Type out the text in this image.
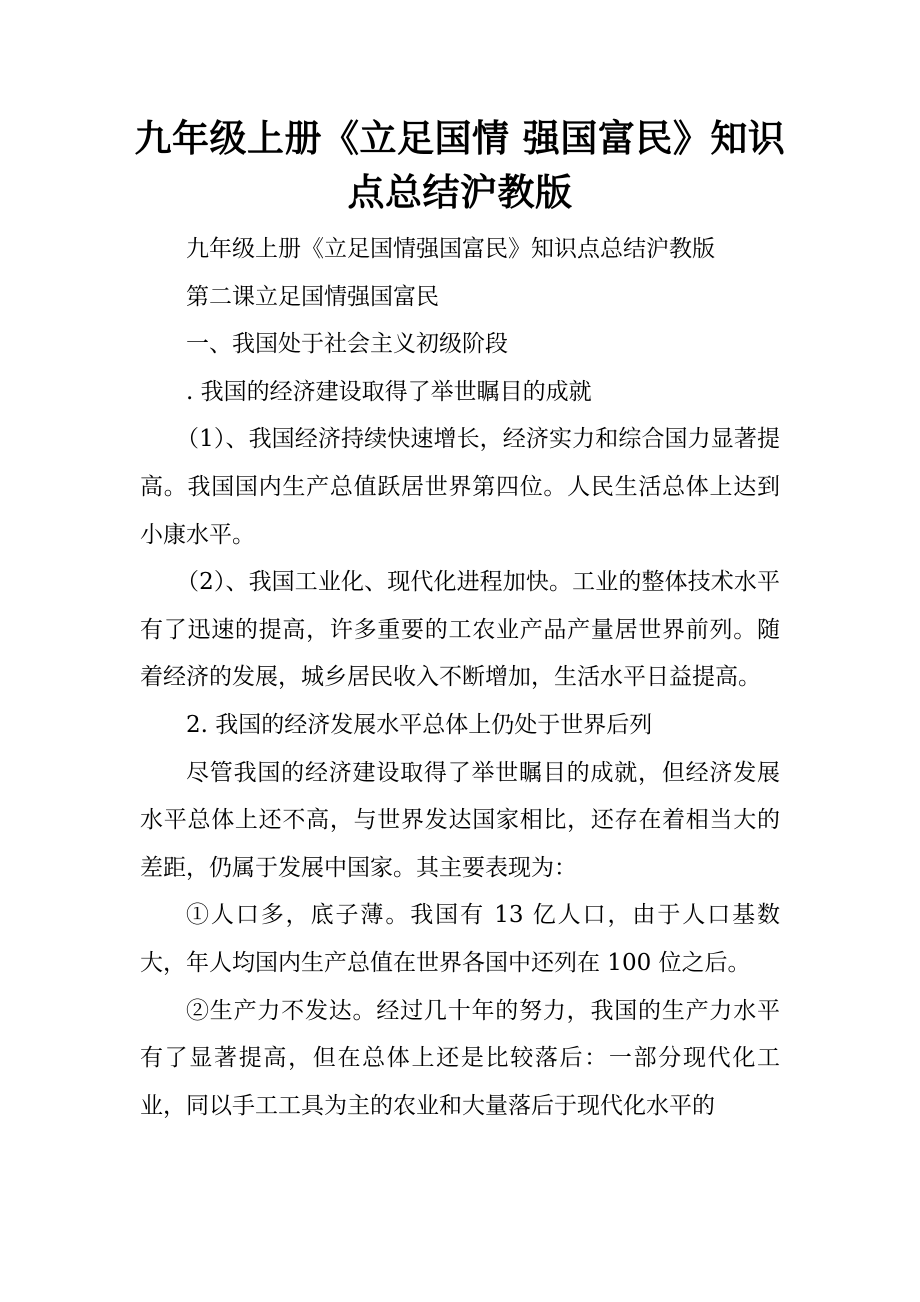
九年级上册《立足国情 强国富民》知识
点总结沪教版

九年级上册《立足国情强国富民》知识点总结沪教版

第二课立足国情强国富民

一、我国处于社会主义初级阶段

. 我国的经济建设取得了举世瞩目的成就

（1）、我国经济持续快速增长，经济实力和综合国力显著提高。我国国内生产总值跃居世界第四位。人民生活总体上达到小康水平。

（2）、我国工业化、现代化进程加快。工业的整体技术水平有了迅速的提高，许多重要的工农业产品产量居世界前列。随着经济的发展，城乡居民收入不断增加，生活水平日益提高。

2. 我国的经济发展水平总体上仍处于世界后列

尽管我国的经济建设取得了举世瞩目的成就，但经济发展水平总体上还不高，与世界发达国家相比，还存在着相当大的差距，仍属于发展中国家。其主要表现为：

①人口多，底子薄。我国有 13 亿人口，由于人口基数大，年人均国内生产总值在世界各国中还列在 100 位之后。

②生产力不发达。经过几十年的努力，我国的生产力水平有了显著提高，但在总体上还是比较落后：一部分现代化工业，同以手工工具为主的农业和大量落后于现代化水平的
